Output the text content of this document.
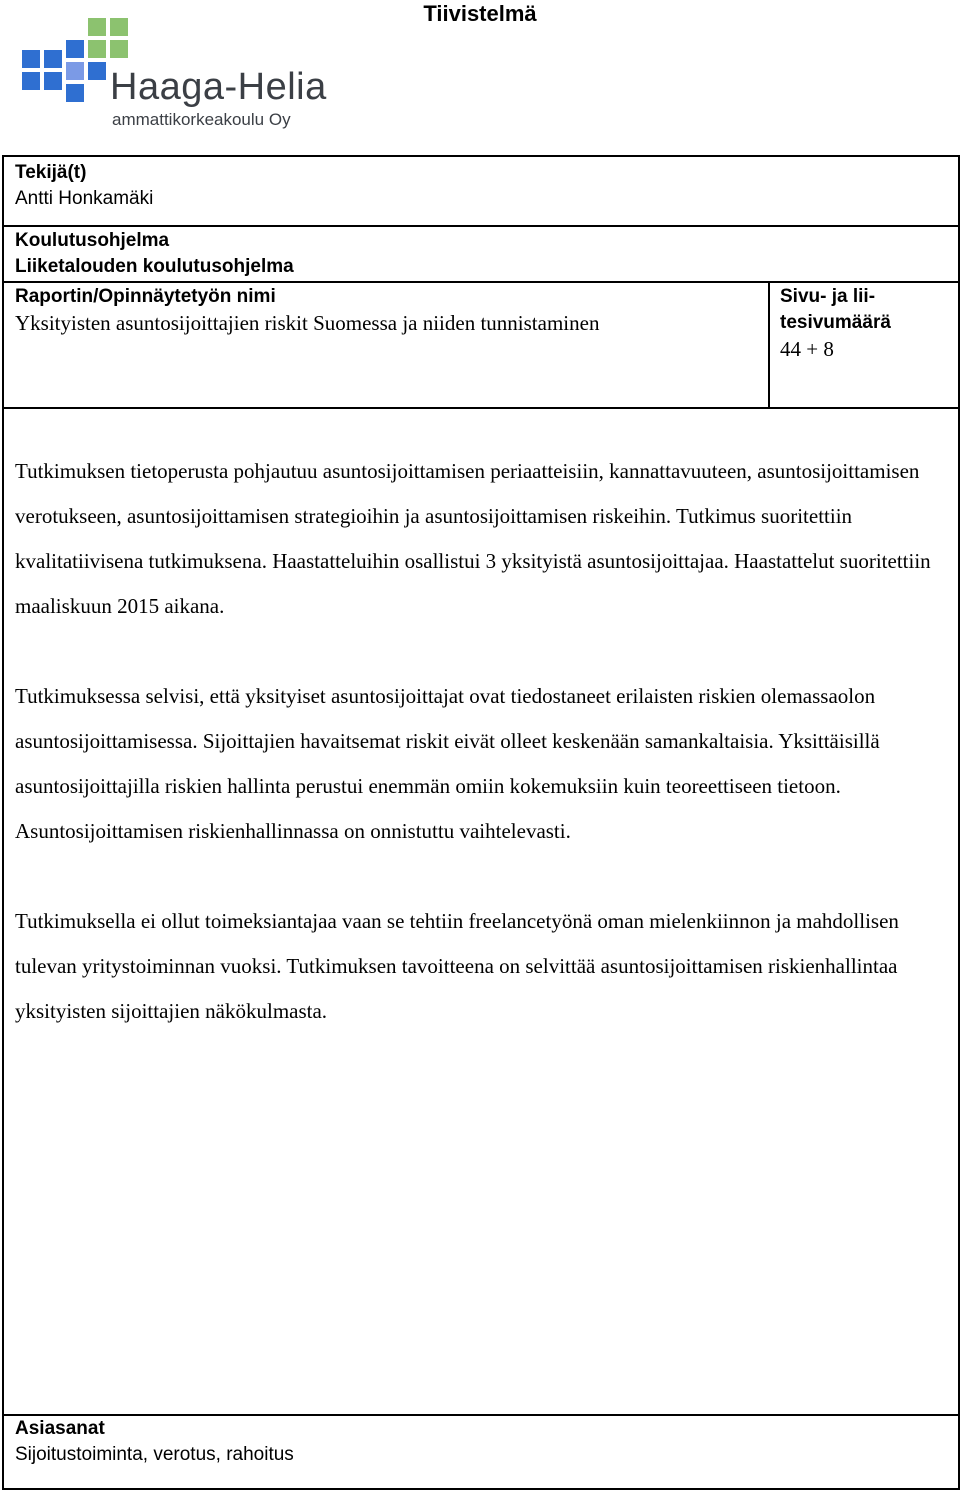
Tiivistelmä
Haaga-Helia
ammattikorkeakoulu Oy
Tekijä(t)
Antti Honkamäki
Koulutusohjelma
Liiketalouden koulutusohjelma
Raportin/Opinnäytetyön nimi
Yksityisten asuntosijoittajien riskit Suomessa ja niiden tunnistaminen
Sivu- ja lii-
tesivumäärä
44 + 8

Tutkimuksen tietoperusta pohjautuu asuntosijoittamisen periaatteisiin, kannattavuuteen, asuntosijoittamisen verotukseen, asuntosijoittamisen strategioihin ja asuntosijoittamisen riskeihin. Tutkimus suoritettiin kvalitatiivisena tutkimuksena. Haastatteluihin osallistui 3 yksityistä asuntosijoittajaa. Haastattelut suoritettiin maaliskuun 2015 aikana.

Tutkimuksessa selvisi, että yksityiset asuntosijoittajat ovat tiedostaneet erilaisten riskien olemassaolon asuntosijoittamisessa. Sijoittajien havaitsemat riskit eivät olleet keskenään samankaltaisia. Yksittäisillä asuntosijoittajilla riskien hallinta perustui enemmän omiin kokemuksiin kuin teoreettiseen tietoon. Asuntosijoittamisen riskienhallinnassa on onnistuttu vaihtelevasti.

Tutkimuksella ei ollut toimeksiantajaa vaan se tehtiin freelancetyönä oman mielenkiinnon ja mahdollisen tulevan yritystoiminnan vuoksi. Tutkimuksen tavoitteena on selvittää asuntosijoittamisen riskienhallintaa yksityisten sijoittajien näkökulmasta.

Asiasanat
Sijoitustoiminta, verotus, rahoitus
